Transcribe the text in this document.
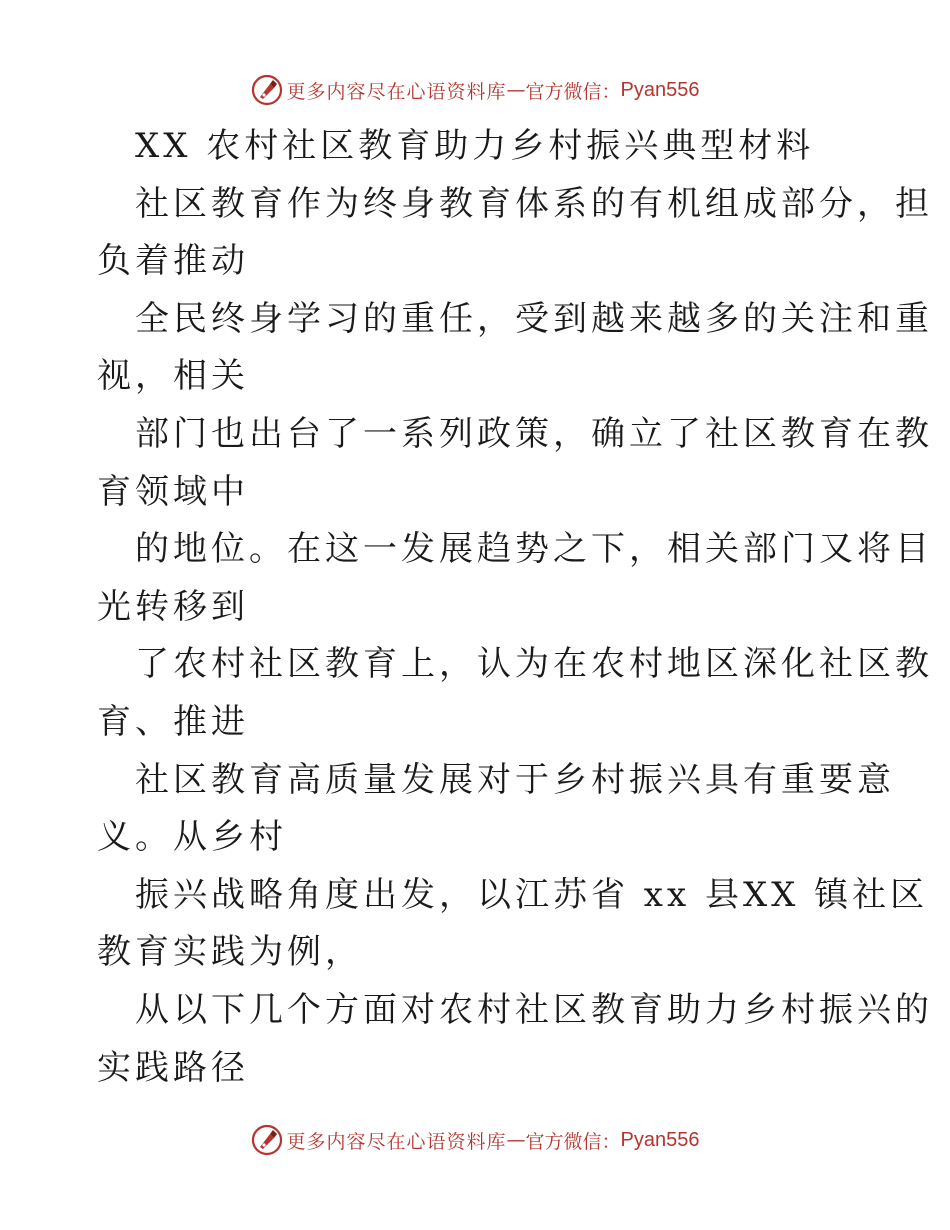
更多内容尽在心语资料库 — 官方微信： Pyan556
XX 农村社区教育助力乡村振兴典型材料
社区教育作为终身教育体系的有机组成部分，担
负着推动
全民终身学习的重任，受到越来越多的关注和重
视，相关
部门也出台了一系列政策，确立了社区教育在教
育领域中
的地位。在这一发展趋势之下，相关部门又将目
光转移到
了农村社区教育上，认为在农村地区深化社区教
育、推进
社区教育高质量发展对于乡村振兴具有重要意
义。从乡村
振兴战略角度出发，以江苏省 xx 县XX 镇社区
教育实践为例，
从以下几个方面对农村社区教育助力乡村振兴的
实践路径
更多内容尽在心语资料库 — 官方微信： Pyan556
